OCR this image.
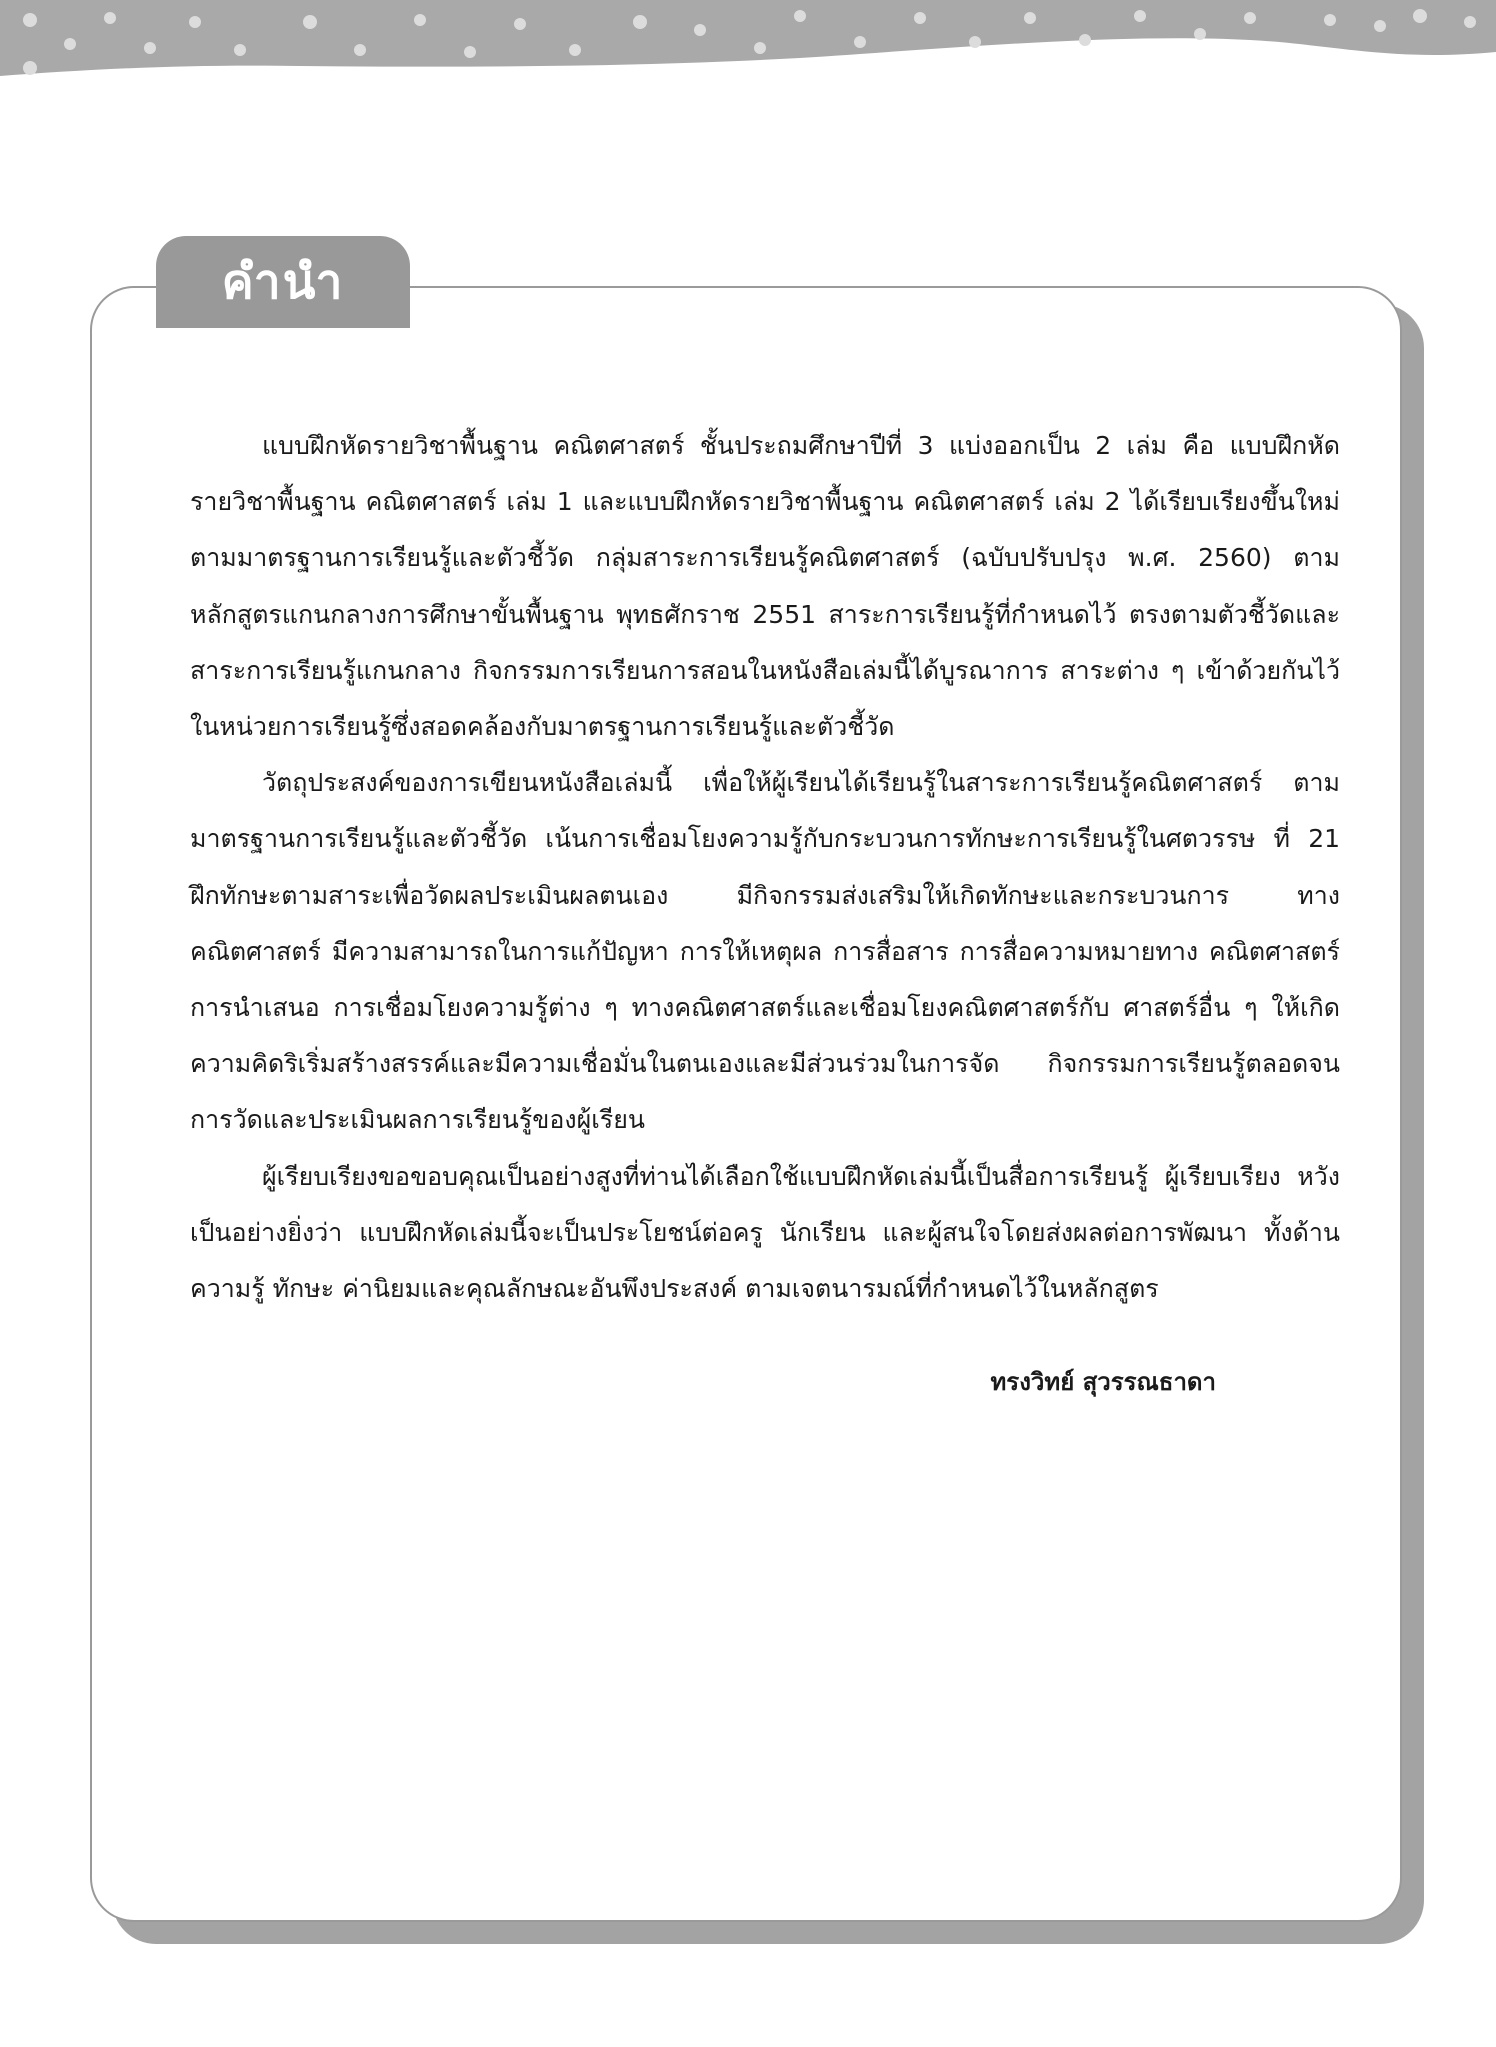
คำนำ

แบบฝึกหัดรายวิชาพื้นฐาน คณิตศาสตร์ ชั้นประถมศึกษาปีที่ 3 แบ่งออกเป็น 2 เล่ม คือ แบบฝึกหัดรายวิชาพื้นฐาน คณิตศาสตร์ เล่ม 1 และแบบฝึกหัดรายวิชาพื้นฐาน คณิตศาสตร์ เล่ม 2 ได้เรียบเรียงขึ้นใหม่ตามมาตรฐานการเรียนรู้และตัวชี้วัด กลุ่มสาระการเรียนรู้คณิตศาสตร์ (ฉบับปรับปรุง พ.ศ. 2560) ตามหลักสูตรแกนกลางการศึกษาขั้นพื้นฐาน พุทธศักราช 2551 สาระการเรียนรู้ที่กำหนดไว้ ตรงตามตัวชี้วัดและสาระการเรียนรู้แกนกลาง กิจกรรมการเรียนการสอนในหนังสือเล่มนี้ได้บูรณาการ สาระต่าง ๆ เข้าด้วยกันไว้ในหน่วยการเรียนรู้ซึ่งสอดคล้องกับมาตรฐานการเรียนรู้และตัวชี้วัด

วัตถุประสงค์ของการเขียนหนังสือเล่มนี้ เพื่อให้ผู้เรียนได้เรียนรู้ในสาระการเรียนรู้คณิตศาสตร์ ตามมาตรฐานการเรียนรู้และตัวชี้วัด เน้นการเชื่อมโยงความรู้กับกระบวนการทักษะการเรียนรู้ในศตวรรษ ที่ 21 ฝึกทักษะตามสาระเพื่อวัดผลประเมินผลตนเอง มีกิจกรรมส่งเสริมให้เกิดทักษะและกระบวนการ ทางคณิตศาสตร์ มีความสามารถในการแก้ปัญหา การให้เหตุผล การสื่อสาร การสื่อความหมายทาง คณิตศาสตร์ การนำเสนอ การเชื่อมโยงความรู้ต่าง ๆ ทางคณิตศาสตร์และเชื่อมโยงคณิตศาสตร์กับ ศาสตร์อื่น ๆ ให้เกิดความคิดริเริ่มสร้างสรรค์และมีความเชื่อมั่นในตนเองและมีส่วนร่วมในการจัด กิจกรรมการเรียนรู้ตลอดจนการวัดและประเมินผลการเรียนรู้ของผู้เรียน

ผู้เรียบเรียงขอขอบคุณเป็นอย่างสูงที่ท่านได้เลือกใช้แบบฝึกหัดเล่มนี้เป็นสื่อการเรียนรู้ ผู้เรียบเรียง หวังเป็นอย่างยิ่งว่า แบบฝึกหัดเล่มนี้จะเป็นประโยชน์ต่อครู นักเรียน และผู้สนใจโดยส่งผลต่อการพัฒนา ทั้งด้านความรู้ ทักษะ ค่านิยมและคุณลักษณะอันพึงประสงค์ ตามเจตนารมณ์ที่กำหนดไว้ในหลักสูตร

ทรงวิทย์ สุวรรณธาดา
